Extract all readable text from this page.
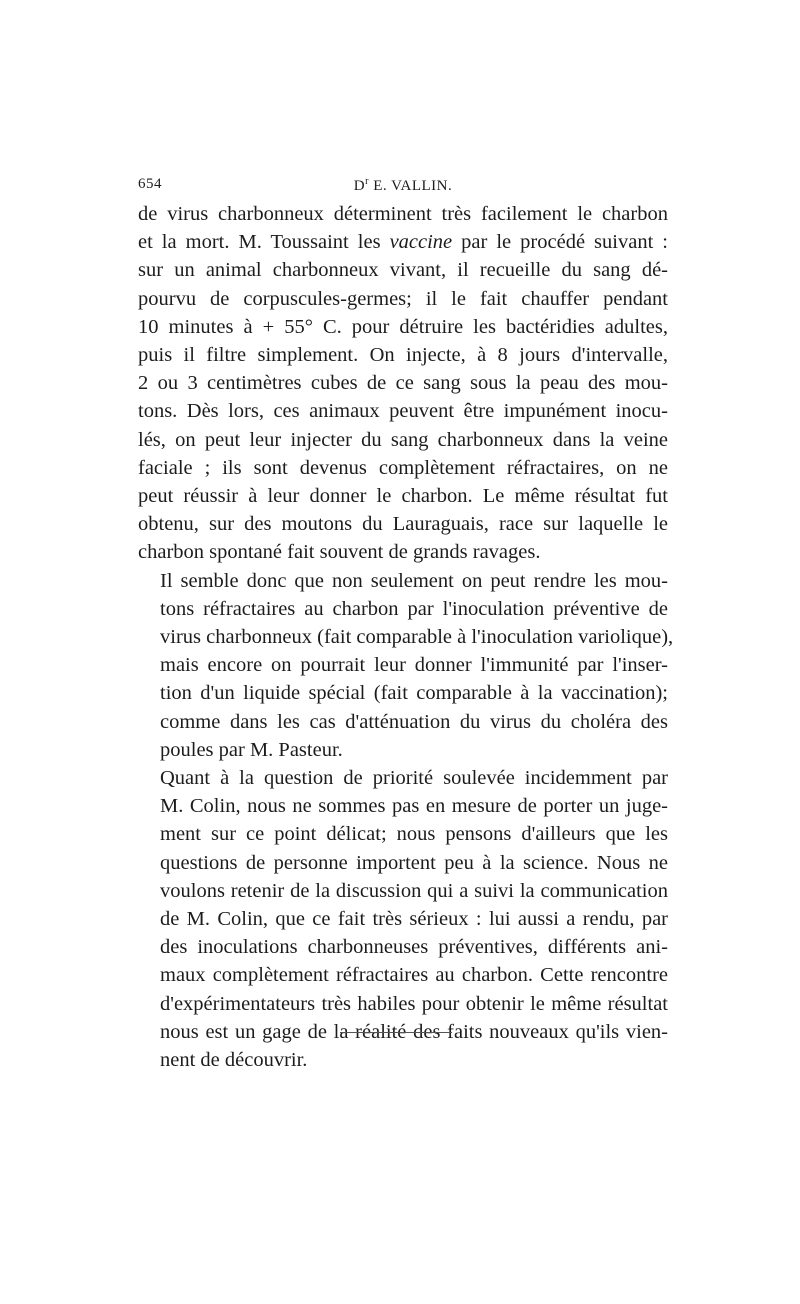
654	$D^r$ E. VALLIN.

de virus charbonneux déterminent très facilement le charbon
et la mort. M. Toussaint les vaccine par le procédé suivant :
sur un animal charbonneux vivant, il recueille du sang dé-
pourvu de corpuscules-germes; il le fait chauffer pendant
10 minutes à + 55° C. pour détruire les bactéridies adultes,
puis il filtre simplement. On injecte, à 8 jours d'intervalle,
2 ou 3 centimètres cubes de ce sang sous la peau des mou-
tons. Dès lors, ces animaux peuvent être impunément inocu-
lés, on peut leur injecter du sang charbonneux dans la veine
faciale ; ils sont devenus complètement réfractaires, on ne
peut réussir à leur donner le charbon. Le même résultat fut
obtenu, sur des moutons du Lauraguais, race sur laquelle le
charbon spontané fait souvent de grands ravages.

Il semble donc que non seulement on peut rendre les mou-
tons réfractaires au charbon par l'inoculation préventive de
virus charbonneux (fait comparable à l'inoculation variolique),
mais encore on pourrait leur donner l'immunité par l'inser-
tion d'un liquide spécial (fait comparable à la vaccination);
comme dans les cas d'atténuation du virus du choléra des
poules par M. Pasteur.

Quant à la question de priorité soulevée incidemment par
M. Colin, nous ne sommes pas en mesure de porter un juge-
ment sur ce point délicat; nous pensons d'ailleurs que les
questions de personne importent peu à la science. Nous ne
voulons retenir de la discussion qui a suivi la communication
de M. Colin, que ce fait très sérieux : lui aussi a rendu, par
des inoculations charbonneuses préventives, différents ani-
maux complètement réfractaires au charbon. Cette rencontre
d'expérimentateurs très habiles pour obtenir le même résultat
nous est un gage de la réalité des faits nouveaux qu'ils vien-
nent de découvrir.
